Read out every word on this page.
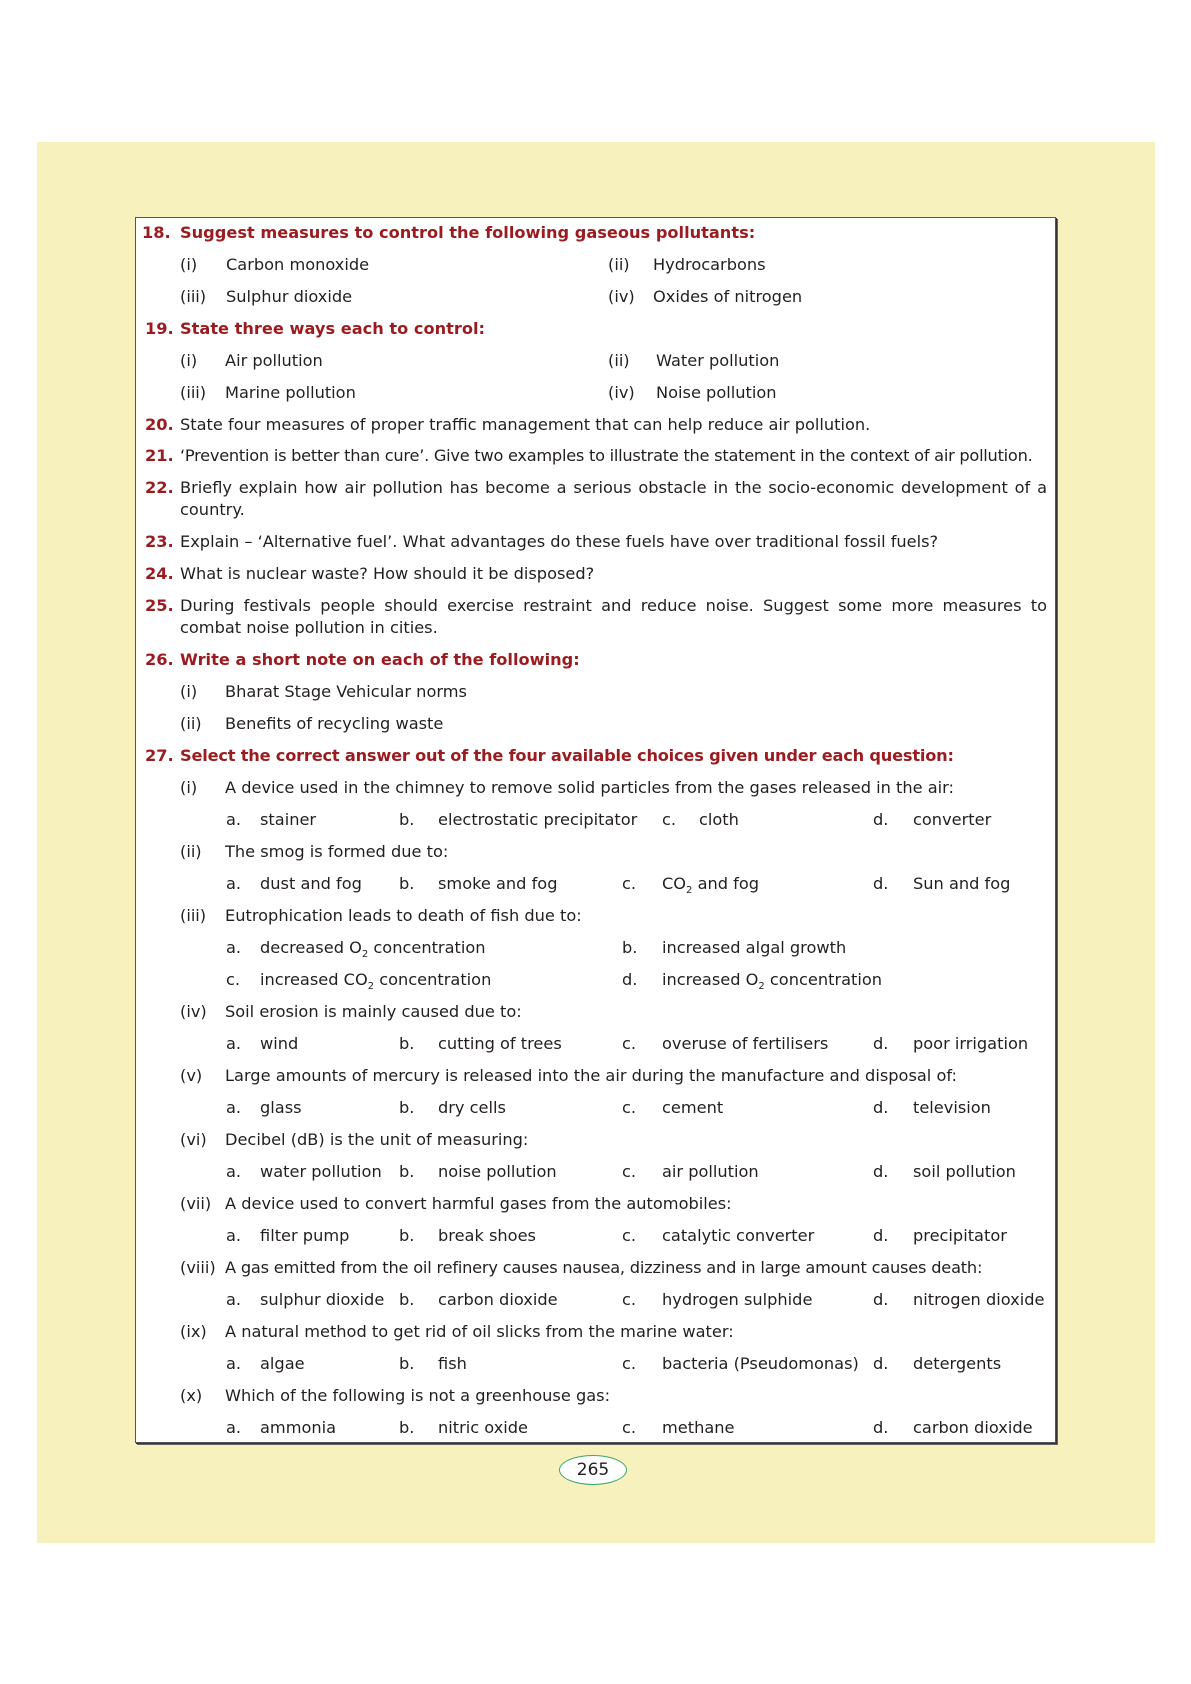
18. Suggest measures to control the following gaseous pollutants:
(i) Carbon monoxide	(ii) Hydrocarbons
(iii) Sulphur dioxide	(iv) Oxides of nitrogen
19. State three ways each to control:
(i) Air pollution	(ii) Water pollution
(iii) Marine pollution	(iv) Noise pollution
20. State four measures of proper traffic management that can help reduce air pollution.
21. ‘Prevention is better than cure’. Give two examples to illustrate the statement in the context of air pollution.
22. Briefly explain how air pollution has become a serious obstacle in the socio-economic development of a country.
23. Explain – ‘Alternative fuel’. What advantages do these fuels have over traditional fossil fuels?
24. What is nuclear waste? How should it be disposed?
25. During festivals people should exercise restraint and reduce noise. Suggest some more measures to combat noise pollution in cities.
26. Write a short note on each of the following:
(i) Bharat Stage Vehicular norms
(ii) Benefits of recycling waste
27. Select the correct answer out of the four available choices given under each question:
(i) A device used in the chimney to remove solid particles from the gases released in the air:
a. stainer	b. electrostatic precipitator c. cloth	d. converter
(ii) The smog is formed due to:
a. dust and fog b. smoke and fog	c. $CO_2$ and fog	d. Sun and fog
(iii) Eutrophication leads to death of fish due to:
a. decreased $O_2$ concentration	b. increased algal growth
c. increased $CO_2$ concentration	d. increased $O_2$ concentration
(iv) Soil erosion is mainly caused due to:
a. wind	b. cutting of trees	c. overuse of fertilisers	d. poor irrigation
(v) Large amounts of mercury is released into the air during the manufacture and disposal of:
a. glass	b. dry cells	c. cement	d. television
(vi) Decibel (dB) is the unit of measuring:
a. water pollution b. noise pollution	c. air pollution	d. soil pollution
(vii) A device used to convert harmful gases from the automobiles:
a. filter pump	b. break shoes	c. catalytic converter	d. precipitator
(viii) A gas emitted from the oil refinery causes nausea, dizziness and in large amount causes death:
a. sulphur dioxide b. carbon dioxide	c. hydrogen sulphide	d. nitrogen dioxide
(ix) A natural method to get rid of oil slicks from the marine water:
a. algae	b. fish	c. bacteria (Pseudomonas) d. detergents
(x) Which of the following is not a greenhouse gas:
a. ammonia	b. nitric oxide	c. methane	d. carbon dioxide
265
